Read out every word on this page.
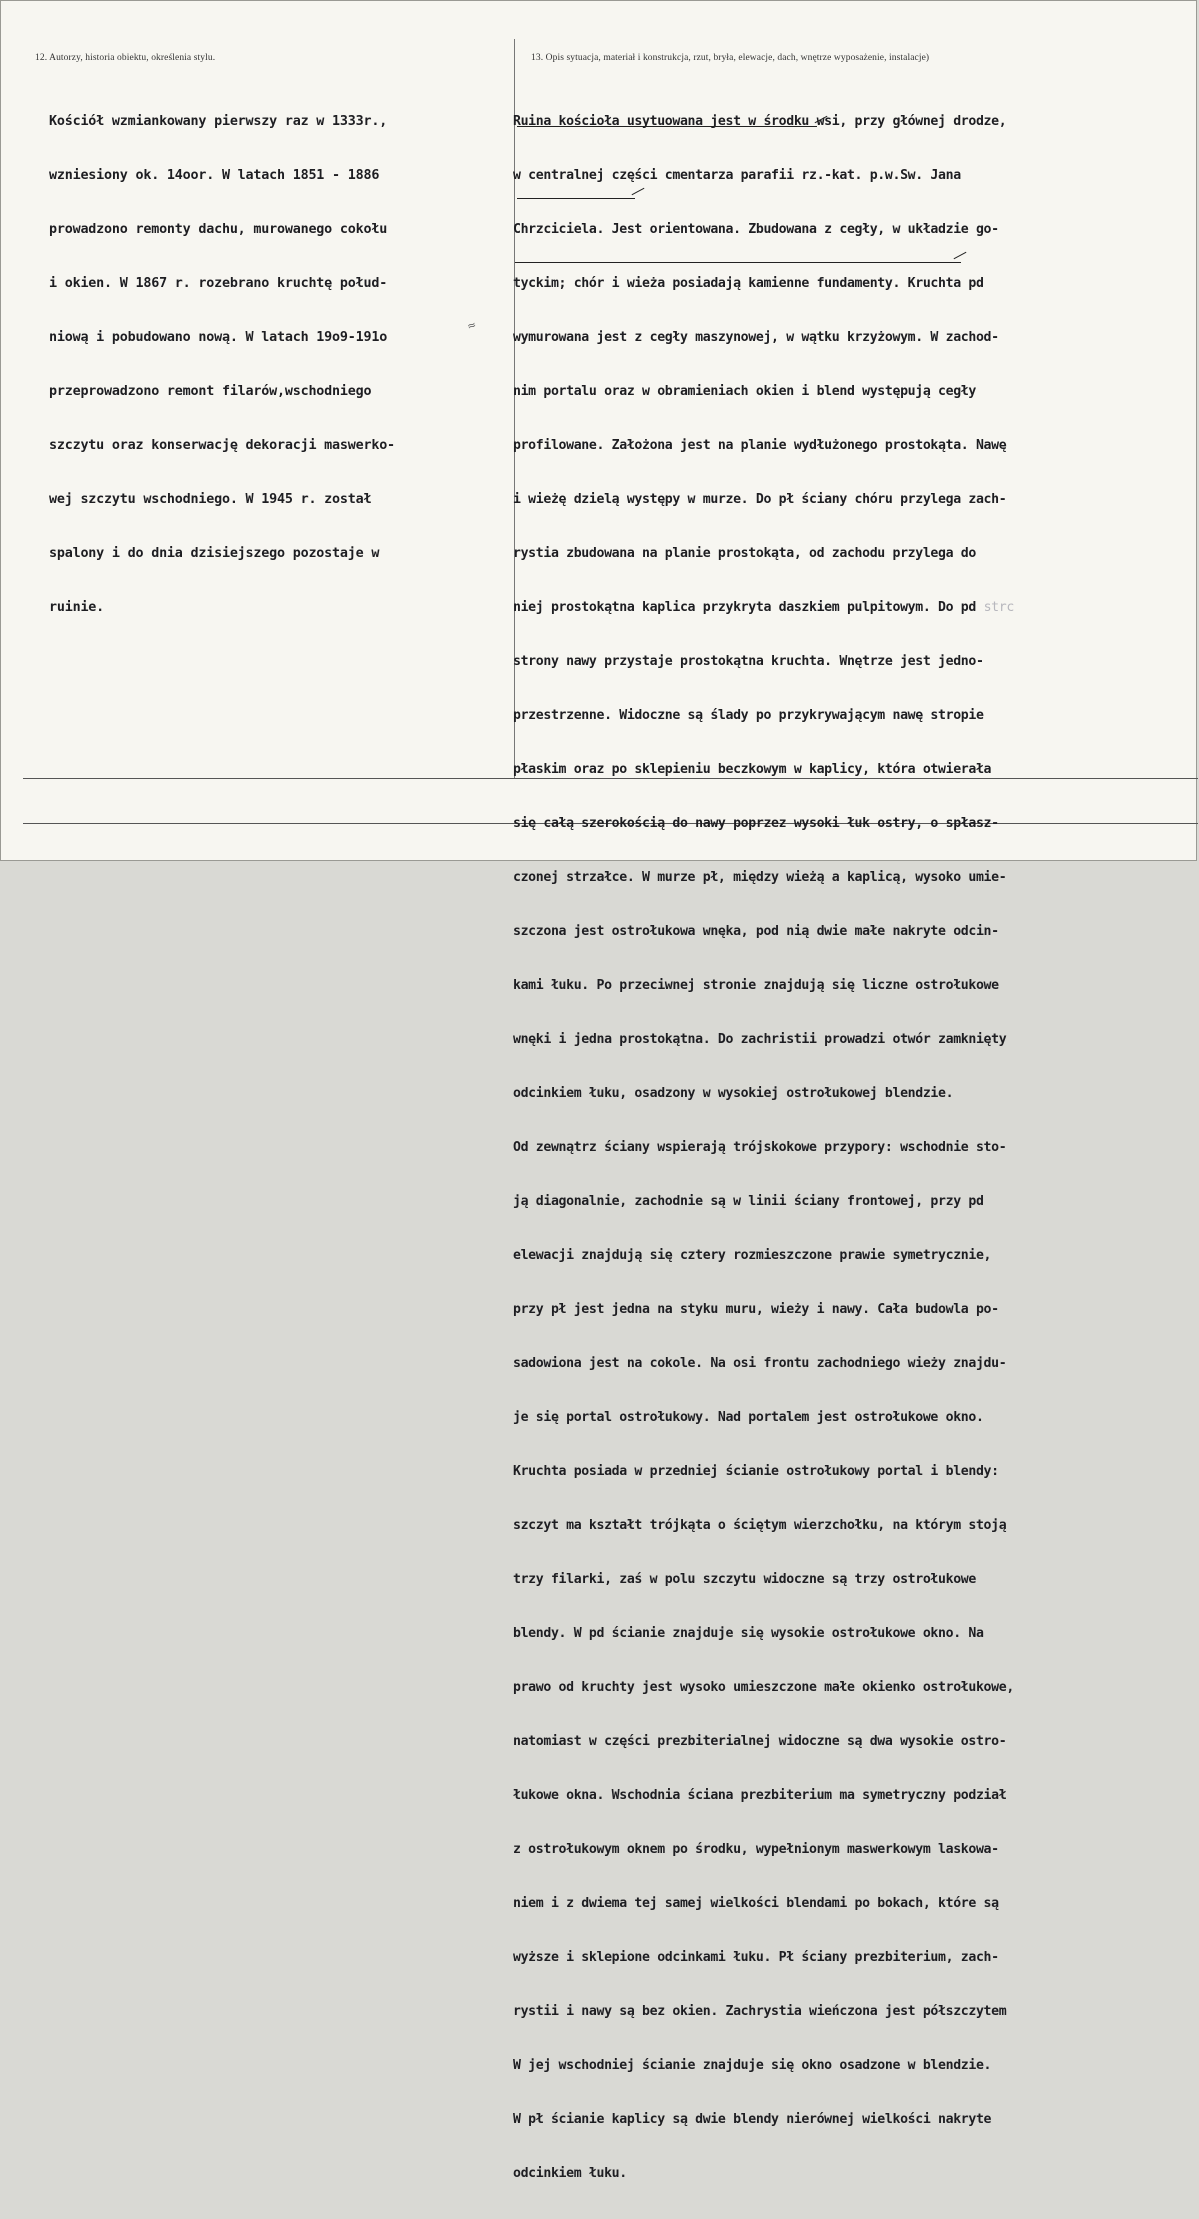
12. Autorzy, historia obiektu, określenia stylu.	13. Opis sytuacja, materiał i konstrukcja, rzut, bryła, elewacje, dach, wnętrze wyposażenie, instalacje)

Kościół wzmiankowany pierwszy raz w 1333r.,

wzniesiony ok. 14oor. W latach 1851 - 1886

prowadzono remonty dachu, murowanego cokołu

i okien. W 1867 r. rozebrano kruchtę połud-

niową i pobudowano nową. W latach 19o9-191o

przeprowadzono remont filarów,wschodniego

szczytu oraz konserwację dekoracji maswerko-

wej szczytu wschodniego. W 1945 r. został

spalony i do dnia dzisiejszego pozostaje w

ruinie.

Ruina kościoła usytuowana jest w środku wsi, przy głównej drodze,

w centralnej części cmentarza parafii rz.-kat. p.w.Sw. Jana

Chrzciciela. Jest orientowana. Zbudowana z cegły, w układzie go-

tyckim; chór i wieża posiadają kamienne fundamenty. Kruchta pd

wymurowana jest z cegły maszynowej, w wątku krzyżowym. W zachod-

nim portalu oraz w obramieniach okien i blend występują cegły

profilowane. Założona jest na planie wydłużonego prostokąta. Nawę

i wieżę dzielą występy w murze. Do pł ściany chóru przylega zach-

rystia zbudowana na planie prostokąta, od zachodu przylega do

niej prostokątna kaplica przykryta daszkiem pulpitowym. Do pd strc

strony nawy przystaje prostokątna kruchta. Wnętrze jest jedno-

przestrzenne. Widoczne są ślady po przykrywającym nawę stropie

płaskim oraz po sklepieniu beczkowym w kaplicy, która otwierała

się całą szerokością do nawy poprzez wysoki łuk ostry, o spłasz-

czonej strzałce. W murze pł, między wieżą a kaplicą, wysoko umie-

szczona jest ostrołukowa wnęka, pod nią dwie małe nakryte odcin-

kami łuku. Po przeciwnej stronie znajdują się liczne ostrołukowe

wnęki i jedna prostokątna. Do zachristii prowadzi otwór zamknięty

odcinkiem łuku, osadzony w wysokiej ostrołukowej blendzie.

Od zewnątrz ściany wspierają trójskokowe przypory: wschodnie sto-

ją diagonalnie, zachodnie są w linii ściany frontowej, przy pd

elewacji znajdują się cztery rozmieszczone prawie symetrycznie,

przy pł jest jedna na styku muru, wieży i nawy. Cała budowla po-

sadowiona jest na cokole. Na osi frontu zachodniego wieży znajdu-

je się portal ostrołukowy. Nad portalem jest ostrołukowe okno.

Kruchta posiada w przedniej ścianie ostrołukowy portal i blendy:

szczyt ma kształt trójkąta o ściętym wierzchołku, na którym stoją

trzy filarki, zaś w polu szczytu widoczne są trzy ostrołukowe

blendy. W pd ścianie znajduje się wysokie ostrołukowe okno. Na

prawo od kruchty jest wysoko umieszczone małe okienko ostrołukowe,

natomiast w części prezbiterialnej widoczne są dwa wysokie ostro-

łukowe okna. Wschodnia ściana prezbiterium ma symetryczny podział

z ostrołukowym oknem po środku, wypełnionym maswerkowym laskowa-

niem i z dwiema tej samej wielkości blendami po bokach, które są

wyższe i sklepione odcinkami łuku. Pł ściany prezbiterium, zach-

rystii i nawy są bez okien. Zachrystia wieńczona jest półszczytem

W jej wschodniej ścianie znajduje się okno osadzone w blendzie.

W pł ścianie kaplicy są dwie blendy nierównej wielkości nakryte

odcinkiem łuku.

≈
